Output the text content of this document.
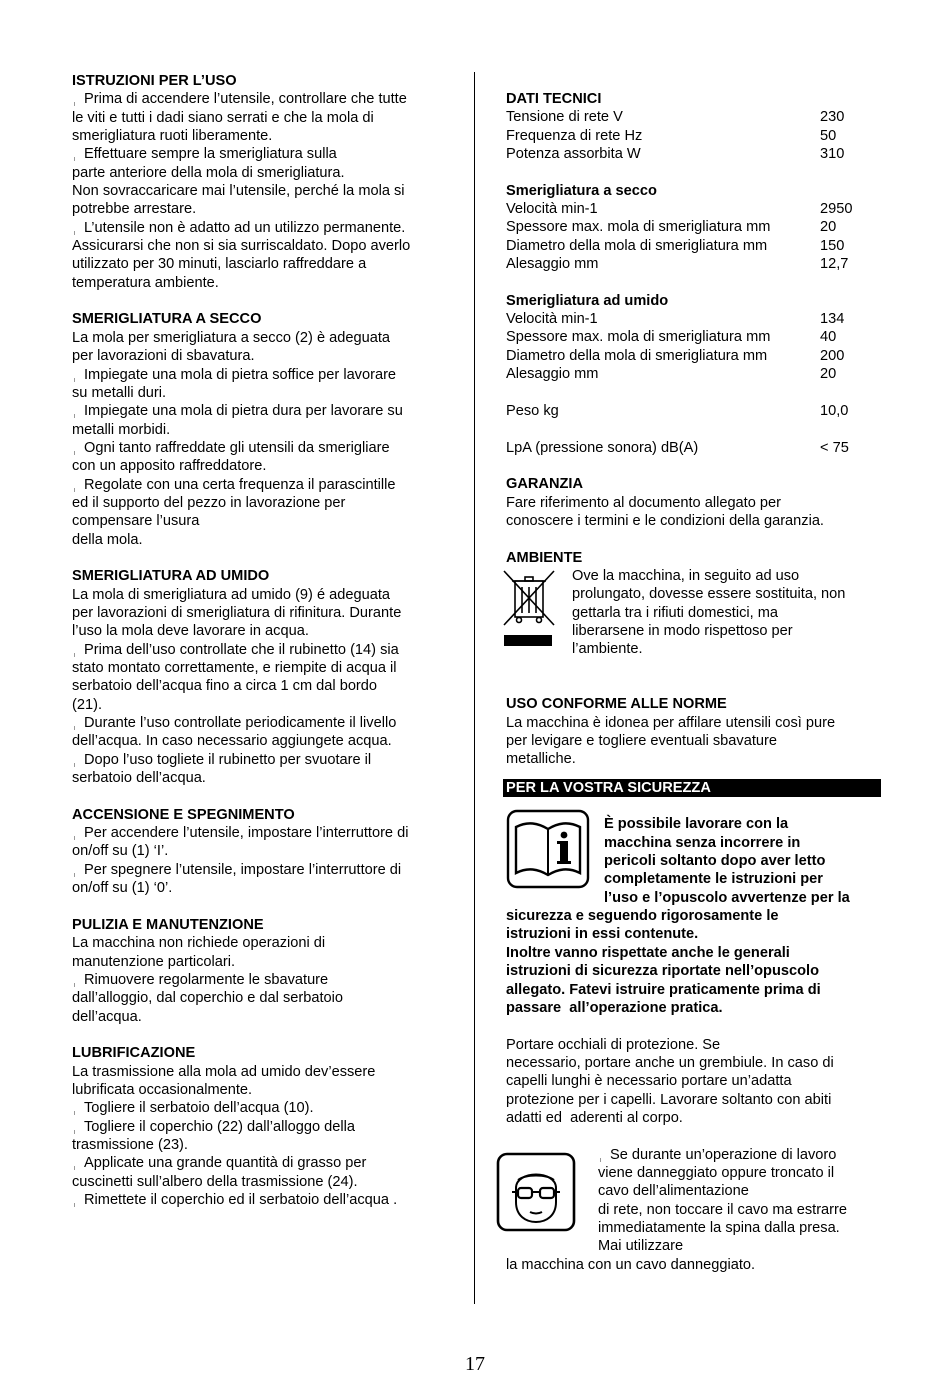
ISTRUZIONI PER L’USO

Prima di accendere l’utensile, controllare che tutte

le viti e tutti i dadi siano serrati e che la mola di

smerigliatura ruoti liberamente.

Effettuare sempre la smerigliatura sulla

parte anteriore della mola di smerigliatura.

Non sovraccaricare mai l’utensile, perché la mola si

potrebbe arrestare.

L’utensile non è adatto ad un utilizzo permanente.

Assicurarsi che non si sia surriscaldato. Dopo averlo

utilizzato per 30 minuti, lasciarlo raffreddare a

temperatura ambiente.

SMERIGLIATURA A SECCO

La mola per smerigliatura a secco (2) è adeguata

per lavorazioni di sbavatura.

Impiegate una mola di pietra soffice per lavorare

su metalli duri.

Impiegate una mola di pietra dura per lavorare su

metalli morbidi.

Ogni tanto raffreddate gli utensili da smerigliare

con un apposito raffreddatore.

Regolate con una certa frequenza il parascintille

ed il supporto del pezzo in lavorazione per

compensare l’usura

della mola.

SMERIGLIATURA AD UMIDO

La mola di smerigliatura ad umido (9) é adeguata

per lavorazioni di smerigliatura di rifinitura. Durante

l’uso la mola deve lavorare in acqua.

Prima dell’uso controllate che il rubinetto (14) sia

stato montato correttamente, e riempite di acqua il

serbatoio dell’acqua fino a circa 1 cm dal bordo

(21).

Durante l’uso controllate periodicamente il livello

dell’acqua. In caso necessario aggiungete acqua.

Dopo l’uso togliete il rubinetto per svuotare il

serbatoio dell’acqua.

ACCENSIONE E SPEGNIMENTO

Per accendere l’utensile, impostare l’interruttore di

on/off su (1) ‘I’.

Per spegnere l’utensile, impostare l’interruttore di

on/off su (1) ‘0’.

PULIZIA E MANUTENZIONE

La macchina non richiede operazioni di

manutenzione particolari.

Rimuovere regolarmente le sbavature

dall’alloggio, dal coperchio e dal serbatoio

dell’acqua.

LUBRIFICAZIONE

La trasmissione alla mola ad umido dev’essere

lubrificata occasionalmente.

Togliere il serbatoio dell’acqua (10).

Togliere il coperchio (22) dall’alloggo della

trasmissione (23).

Applicate una grande quantità di grasso per

cuscinetti sull’albero della trasmissione (24).

Rimettete il coperchio ed il serbatoio dell’acqua .

DATI TECNICI

Tensione di rete V	230
Frequenza di rete Hz	50
Potenza assorbita W	310

Smerigliatura a secco

Velocità min-1	2950
Spessore max. mola di smerigliatura mm	20
Diametro della mola di smerigliatura mm	150
Alesaggio mm	12,7

Smerigliatura ad umido

Velocità min-1	134
Spessore max. mola di smerigliatura mm	40
Diametro della mola di smerigliatura mm	200
Alesaggio mm	20
Peso kg	10,0
LpA (pressione sonora) dB(A)	< 75

GARANZIA

Fare riferimento al documento allegato per

conoscere i termini e le condizioni della garanzia.

AMBIENTE

Ove la macchina, in seguito ad uso

prolungato, dovesse essere sostituita, non

gettarla tra i rifiuti domestici, ma

liberarsene in modo rispettoso per

l’ambiente.

USO CONFORME ALLE NORME

La macchina è idonea per affilare utensili così pure

per levigare e togliere eventuali sbavature

metalliche.

PER LA VOSTRA SICUREZZA

È possibile lavorare con la

macchina senza incorrere in

pericoli soltanto dopo aver letto

completamente le istruzioni per

l’uso e l’opuscolo avvertenze per la

sicurezza e seguendo rigorosamente le

istruzioni in essi contenute.

Inoltre vanno rispettate anche le generali

istruzioni di sicurezza riportate nell’opuscolo

allegato. Fatevi istruire praticamente prima di

passare  all’operazione pratica.

Portare occhiali di protezione. Se

necessario, portare anche un grembiule. In caso di

capelli lunghi è necessario portare un’adatta

protezione per i capelli. Lavorare soltanto con abiti

adatti ed  aderenti al corpo.

Se durante un’operazione di lavoro

viene danneggiato oppure troncato il

cavo dell’alimentazione

di rete, non toccare il cavo ma estrarre

immediatamente la spina dalla presa.

Mai utilizzare

la macchina con un cavo danneggiato.

17
